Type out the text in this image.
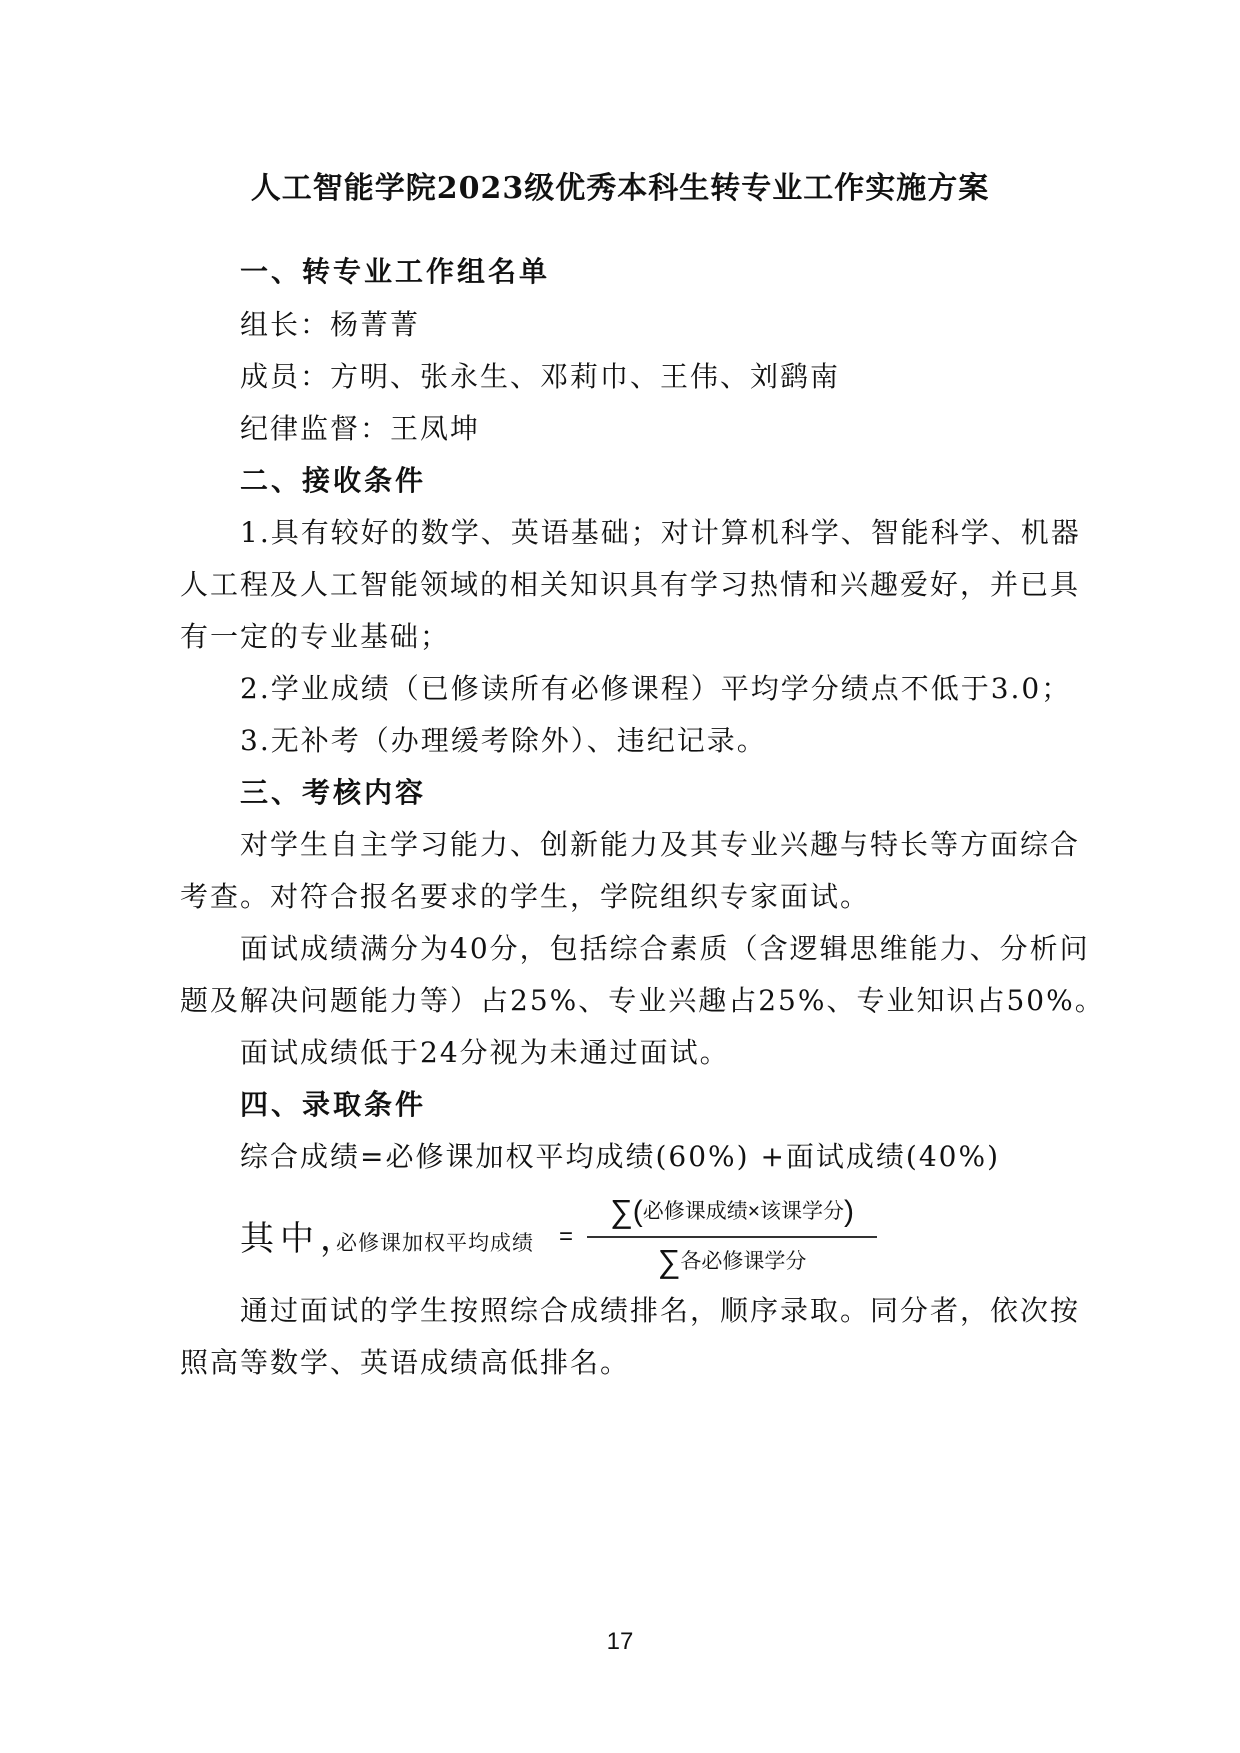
人工智能学院2023级优秀本科生转专业工作实施方案
一、转专业工作组名单
组长：杨菁菁
成员：方明、张永生、邓莉巾、王伟、刘鹞南
纪律监督：王凤坤
二、接收条件
1.具有较好的数学、英语基础；对计算机科学、智能科学、机器
人工程及人工智能领域的相关知识具有学习热情和兴趣爱好，并已具
有一定的专业基础；
2.学业成绩（已修读所有必修课程）平均学分绩点不低于3.0；
3.无补考（办理缓考除外）、违纪记录。
三、考核内容
对学生自主学习能力、创新能力及其专业兴趣与特长等方面综合
考查。对符合报名要求的学生，学院组织专家面试。
面试成绩满分为40分，包括综合素质（含逻辑思维能力、分析问
题及解决问题能力等）占25%、专业兴趣占25%、专业知识占50%。
面试成绩低于24分视为未通过面试。
四、录取条件
综合成绩=必修课加权平均成绩(60%) +面试成绩(40%)
其中，
必修课加权平均成绩 =
∑(必修课成绩×该课学分)
∑各必修课学分
通过面试的学生按照综合成绩排名，顺序录取。同分者，依次按
照高等数学、英语成绩高低排名。
17
